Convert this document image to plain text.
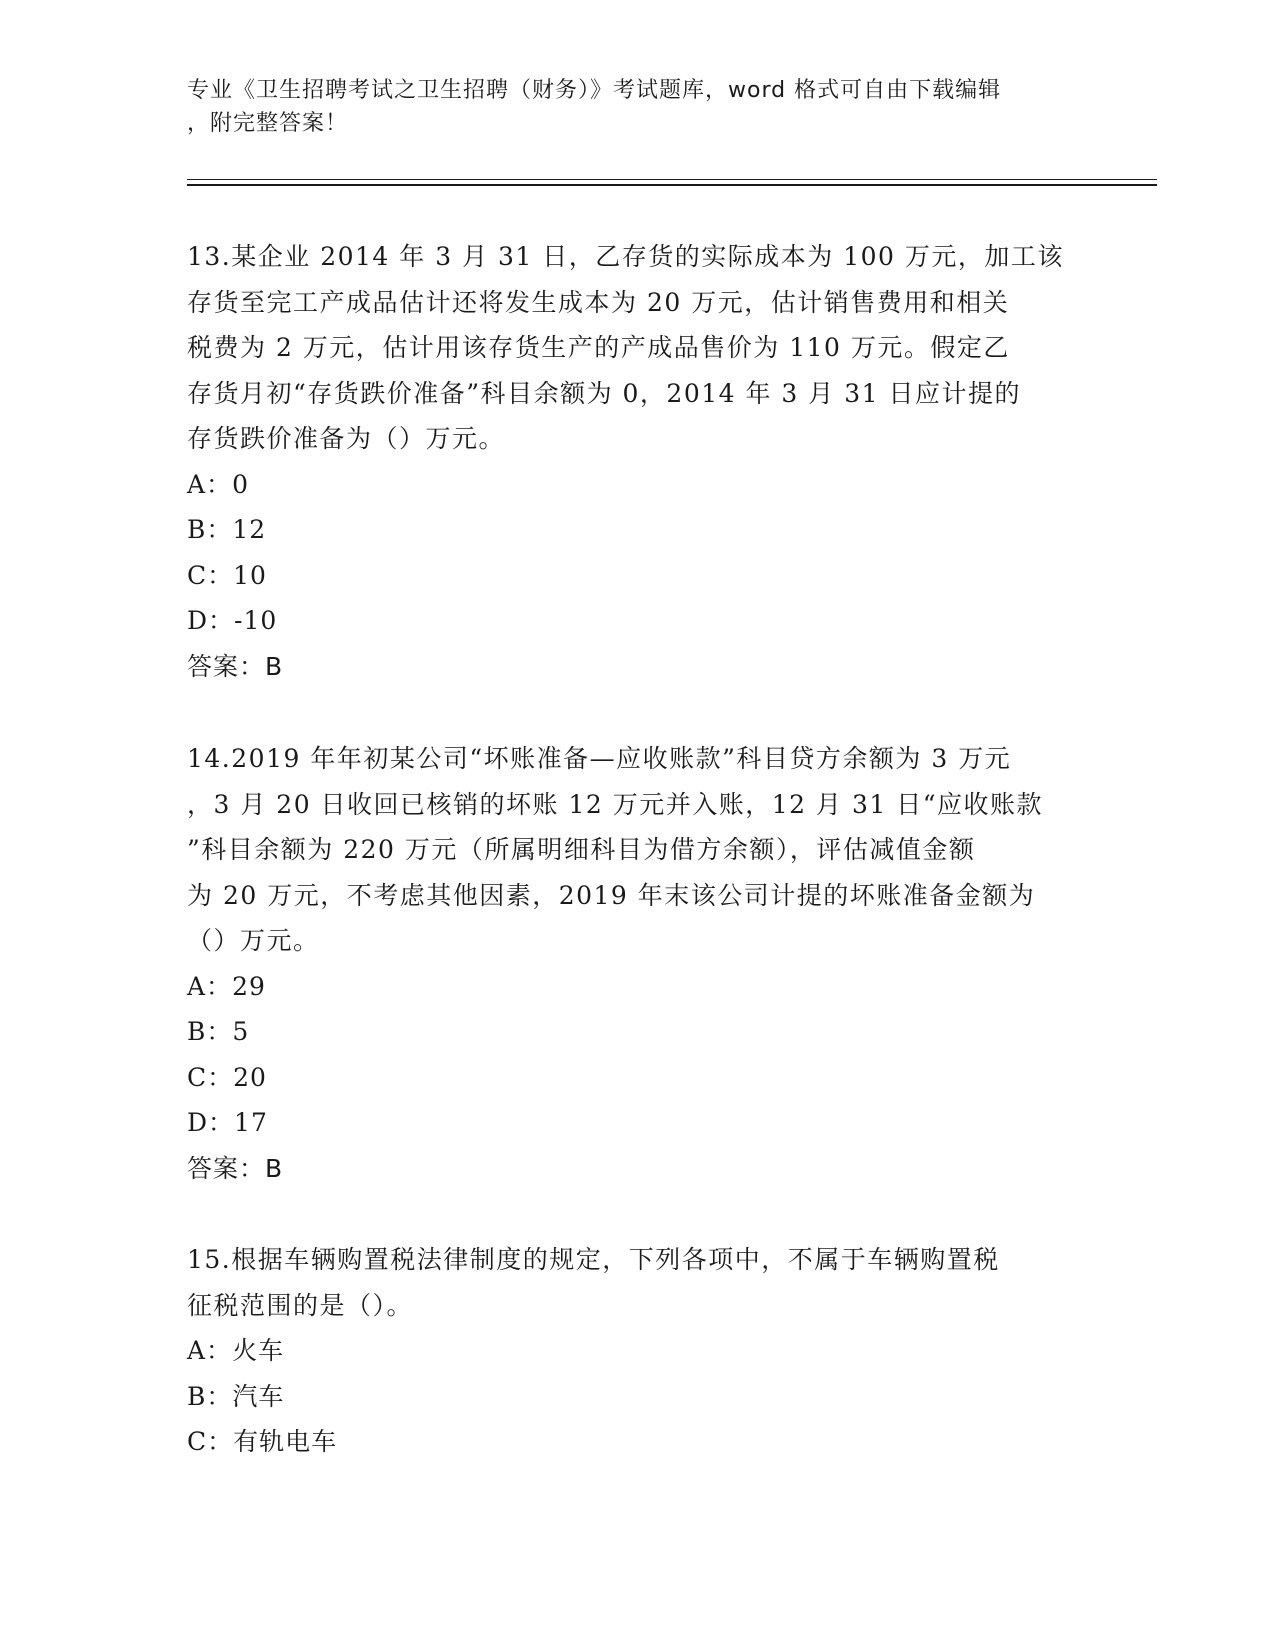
专业《卫生招聘考试之卫生招聘（财务）》考试题库，word 格式可自由下载编辑
，附完整答案！
13.某企业 2014 年 3 月 31 日，乙存货的实际成本为 100 万元，加工该
存货至完工产成品估计还将发生成本为 20 万元，估计销售费用和相关
税费为 2 万元，估计用该存货生产的产成品售价为 110 万元。假定乙
存货月初“存货跌价准备”科目余额为 0，2014 年 3 月 31 日应计提的
存货跌价准备为（）万元。
A：0
B：12
C：10
D：-10
答案：B
14.2019 年年初某公司“坏账准备—应收账款”科目贷方余额为 3 万元
，3 月 20 日收回已核销的坏账 12 万元并入账，12 月 31 日“应收账款
”科目余额为 220 万元（所属明细科目为借方余额），评估减值金额
为 20 万元，不考虑其他因素，2019 年末该公司计提的坏账准备金额为
（）万元。
A：29
B：5
C：20
D：17
答案：B
15.根据车辆购置税法律制度的规定，下列各项中，不属于车辆购置税
征税范围的是（）。
A：火车
B：汽车
C：有轨电车
